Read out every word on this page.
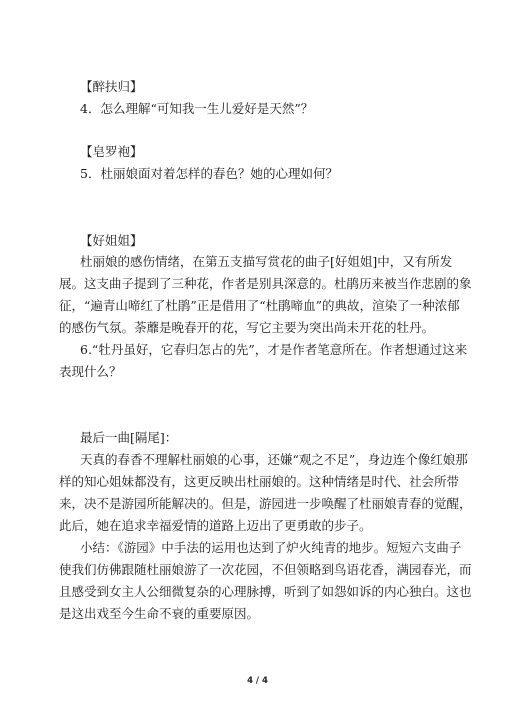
【醉扶归】
4．怎么理解“可知我一生儿爱好是天然”？
【皂罗袍】
5．杜丽娘面对着怎样的春色？她的心理如何？
【好姐姐】
杜丽娘的感伤情绪，在第五支描写赏花的曲子[好姐姐]中，又有所发
展。这支曲子提到了三种花，作者是别具深意的。杜鹃历来被当作悲剧的象
征，“遍青山啼红了杜鹃”正是借用了“杜鹃啼血”的典故，渲染了一种浓郁
的感伤气氛。荼蘼是晚春开的花，写它主要为突出尚未开花的牡丹。
6.“牡丹虽好，它春归怎占的先”，才是作者笔意所在。作者想通过这来
表现什么？
最后一曲[隔尾]：
天真的春香不理解杜丽娘的心事，还嫌“观之不足”，身边连个像红娘那
样的知心姐妹都没有，这更反映出杜丽娘的。这种情绪是时代、社会所带
来，决不是游园所能解决的。但是，游园进一步唤醒了杜丽娘青春的觉醒，
此后，她在追求幸福爱情的道路上迈出了更勇敢的步子。
小结：《游园》中手法的运用也达到了炉火纯青的地步。短短六支曲子
使我们仿佛跟随杜丽娘游了一次花园，不但领略到鸟语花香，满园春光，而
且感受到女主人公细微复杂的心理脉搏，听到了如怨如诉的内心独白。这也
是这出戏至今生命不衰的重要原因。
4 / 4
